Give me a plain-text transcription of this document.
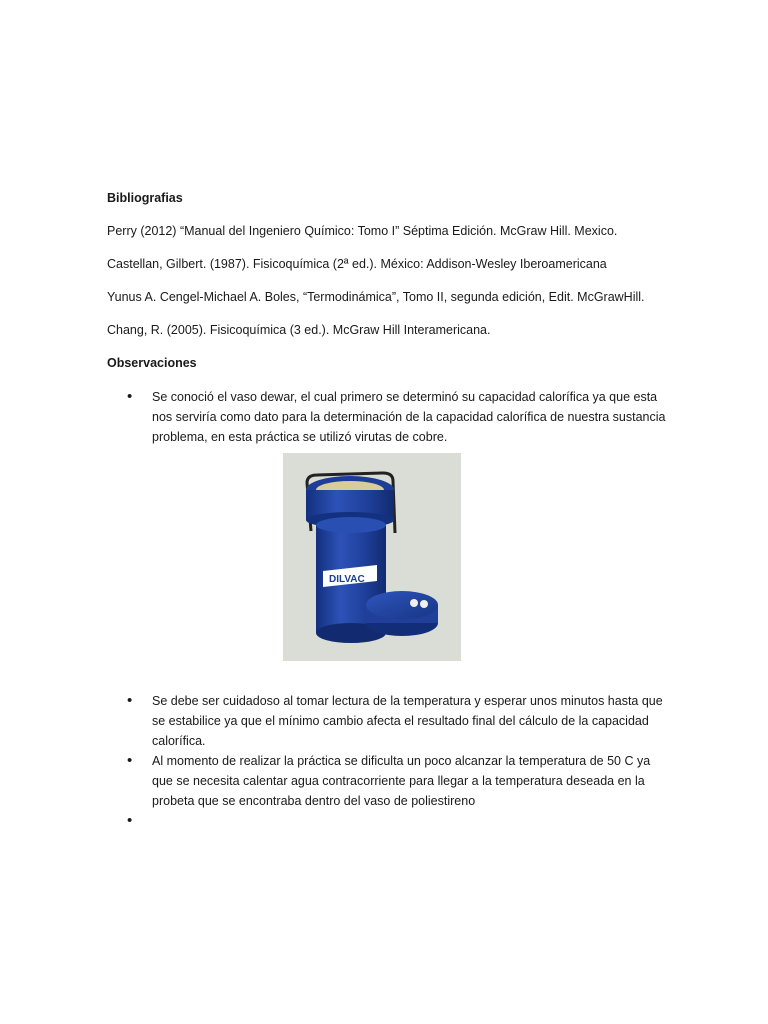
Bibliografias
Perry (2012) “Manual del Ingeniero Químico: Tomo I” Séptima Edición. McGraw Hill. Mexico.
Castellan, Gilbert. (1987). Fisicoquímica (2ª ed.). México: Addison-Wesley Iberoamericana
Yunus A. Cengel-Michael A. Boles, “Termodinámica”, Tomo II, segunda edición, Edit. McGrawHill.
Chang, R. (2005). Fisicoquímica (3 ed.). McGraw Hill Interamericana.
Observaciones
• Se conoció el vaso dewar, el cual primero se determinó su capacidad calorífica ya que esta nos serviría como dato para la determinación de la capacidad calorífica de nuestra sustancia problema, en esta práctica se utilizó virutas de cobre.
DILVAC
• Se debe ser cuidadoso al tomar lectura de la temperatura y esperar unos minutos hasta que se estabilice ya que el mínimo cambio afecta el resultado final del cálculo de la capacidad calorífica.
• Al momento de realizar la práctica se dificulta un poco alcanzar la temperatura de 50 C ya que se necesita calentar agua contracorriente para llegar a la temperatura deseada en la probeta que se encontraba dentro del vaso de poliestireno
•
